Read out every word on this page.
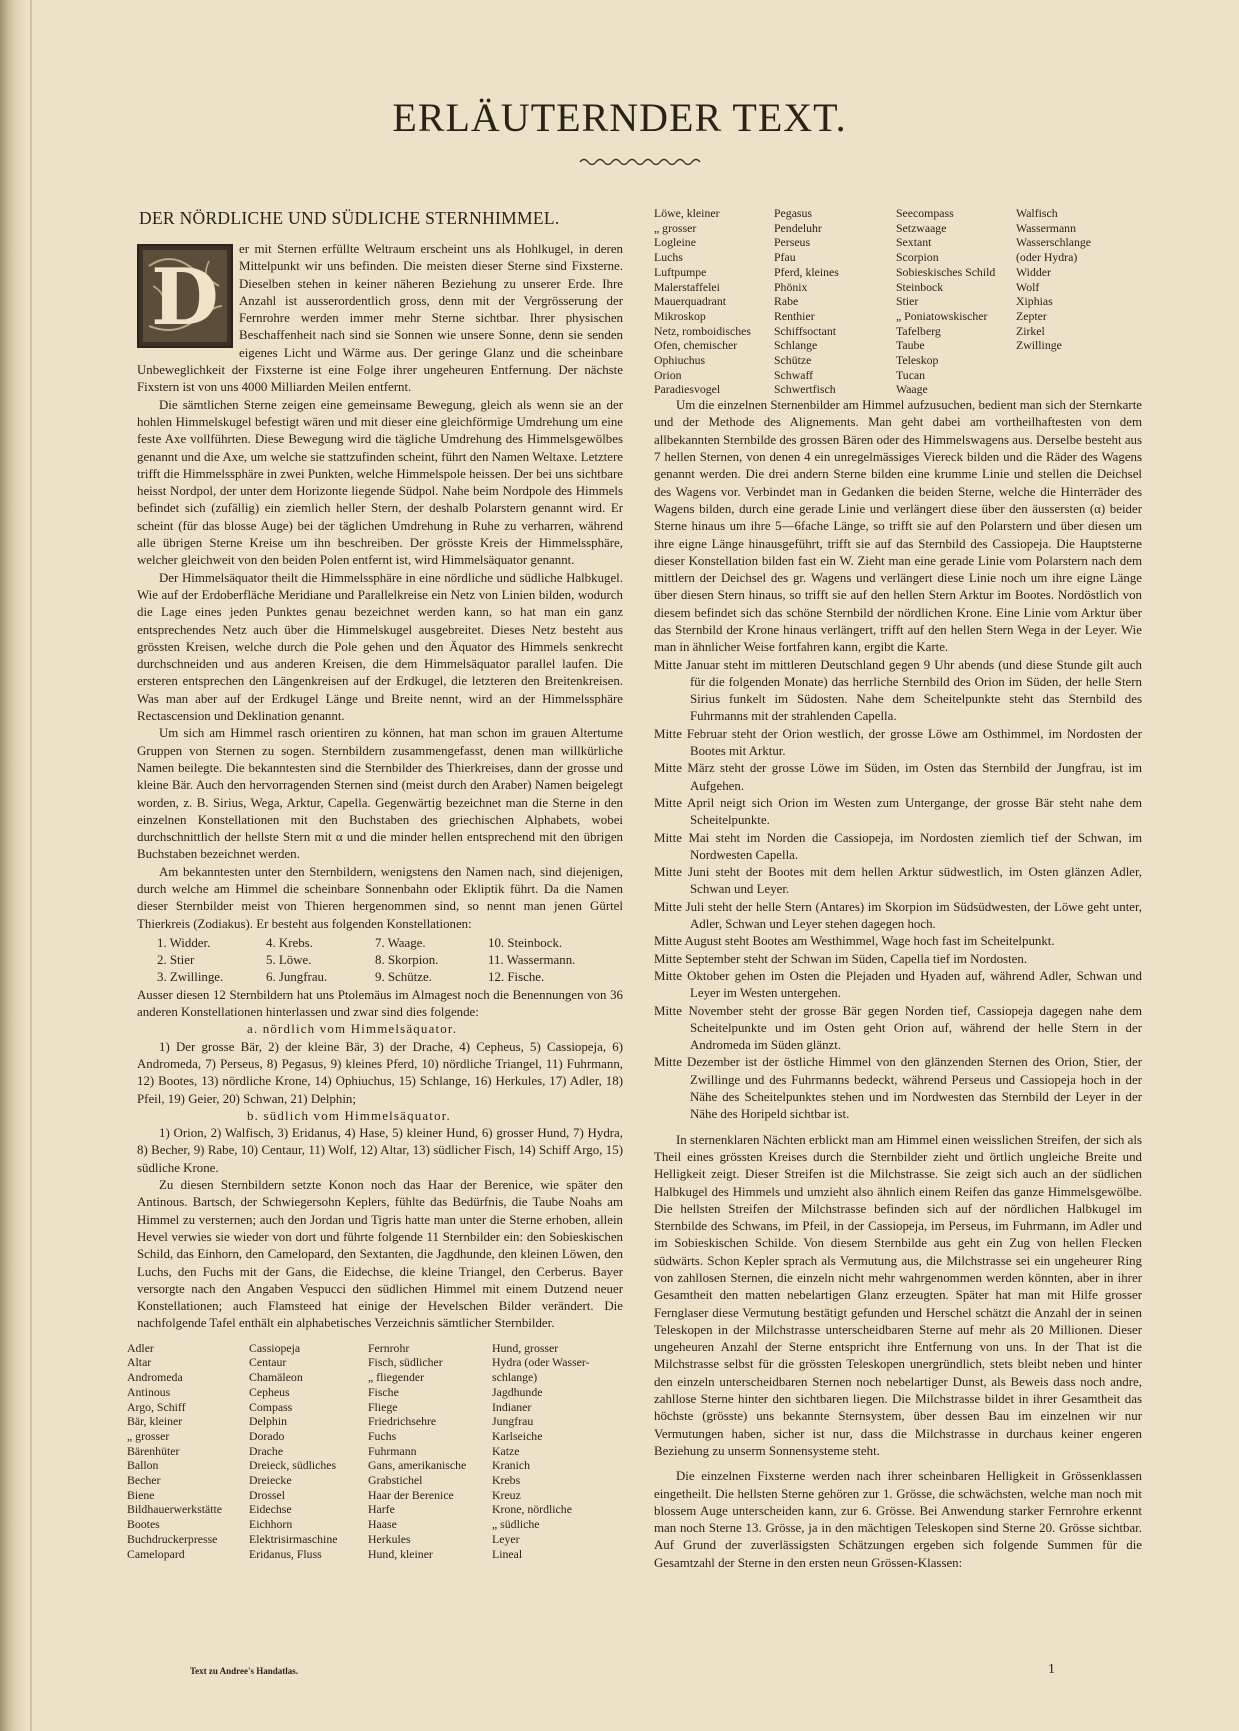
ERLÄUTERNDER TEXT.
DER NÖRDLICHE UND SÜDLICHE STERNHIMMEL.
D

er mit Sternen erfüllte Weltraum erscheint uns als Hohlkugel, in deren Mittelpunkt wir uns befinden. Die meisten dieser Sterne sind Fixsterne. Dieselben stehen in keiner näheren Beziehung zu unserer Erde. Ihre Anzahl ist ausserordentlich gross, denn mit der Vergrösserung der Fernrohre werden immer mehr Sterne sichtbar. Ihrer physischen Beschaffenheit nach sind sie Sonnen wie unsere Sonne, denn sie senden eigenes Licht und Wärme aus. Der geringe Glanz und die scheinbare Unbeweglichkeit der Fixsterne ist eine Folge ihrer ungeheuren Entfernung. Der nächste Fixstern ist von uns 4000 Milliarden Meilen entfernt.

Die sämtlichen Sterne zeigen eine gemeinsame Bewegung, gleich als wenn sie an der hohlen Himmelskugel befestigt wären und mit dieser eine gleichförmige Umdrehung um eine feste Axe vollführten. Diese Bewegung wird die tägliche Umdrehung des Himmelsgewölbes genannt und die Axe, um welche sie stattzufinden scheint, führt den Namen Weltaxe. Letztere trifft die Himmelssphäre in zwei Punkten, welche Himmelspole heissen. Der bei uns sichtbare heisst Nordpol, der unter dem Horizonte liegende Südpol. Nahe beim Nordpole des Himmels befindet sich (zufällig) ein ziemlich heller Stern, der deshalb Polarstern genannt wird. Er scheint (für das blosse Auge) bei der täglichen Umdrehung in Ruhe zu verharren, während alle übrigen Sterne Kreise um ihn beschreiben. Der grösste Kreis der Himmelssphäre, welcher gleichweit von den beiden Polen entfernt ist, wird Himmelsäquator genannt.

Der Himmelsäquator theilt die Himmelssphäre in eine nördliche und südliche Halbkugel. Wie auf der Erdoberfläche Meridiane und Parallelkreise ein Netz von Linien bilden, wodurch die Lage eines jeden Punktes genau bezeichnet werden kann, so hat man ein ganz entsprechendes Netz auch über die Himmelskugel ausgebreitet. Dieses Netz besteht aus grössten Kreisen, welche durch die Pole gehen und den Äquator des Himmels senkrecht durchschneiden und aus anderen Kreisen, die dem Himmelsäquator parallel laufen. Die ersteren entsprechen den Längenkreisen auf der Erdkugel, die letzteren den Breitenkreisen. Was man aber auf der Erdkugel Länge und Breite nennt, wird an der Himmelssphäre Rectascension und Deklination genannt.

Um sich am Himmel rasch orientiren zu können, hat man schon im grauen Altertume Gruppen von Sternen zu sogen. Sternbildern zusammengefasst, denen man willkürliche Namen beilegte. Die bekanntesten sind die Sternbilder des Thierkreises, dann der grosse und kleine Bär. Auch den hervorragenden Sternen sind (meist durch den Araber) Namen beigelegt worden, z. B. Sirius, Wega, Arktur, Capella. Gegenwärtig bezeichnet man die Sterne in den einzelnen Konstellationen mit den Buchstaben des griechischen Alphabets, wobei durchschnittlich der hellste Stern mit α und die minder hellen entsprechend mit den übrigen Buchstaben bezeichnet werden.

Am bekanntesten unter den Sternbildern, wenigstens den Namen nach, sind diejenigen, durch welche am Himmel die scheinbare Sonnenbahn oder Ekliptik führt. Da die Namen dieser Sternbilder meist von Thieren hergenommen sind, so nennt man jenen Gürtel Thierkreis (Zodiakus). Er besteht aus folgenden Konstellationen:

1. Widder.	4. Krebs.	7. Waage.	10. Steinbock.
2. Stier	5. Löwe.	8. Skorpion.	11. Wassermann.
3. Zwillinge.	6. Jungfrau.	9. Schütze.	12. Fische.

Ausser diesen 12 Sternbildern hat uns Ptolemäus im Almagest noch die Benennungen von 36 anderen Konstellationen hinterlassen und zwar sind dies folgende:

a. nördlich vom Himmelsäquator.

1) Der grosse Bär, 2) der kleine Bär, 3) der Drache, 4) Cepheus, 5) Cassiopeja, 6) Andromeda, 7) Perseus, 8) Pegasus, 9) kleines Pferd, 10) nördliche Triangel, 11) Fuhrmann, 12) Bootes, 13) nördliche Krone, 14) Ophiuchus, 15) Schlange, 16) Herkules, 17) Adler, 18) Pfeil, 19) Geier, 20) Schwan, 21) Delphin;

b. südlich vom Himmelsäquator.

1) Orion, 2) Walfisch, 3) Eridanus, 4) Hase, 5) kleiner Hund, 6) grosser Hund, 7) Hydra, 8) Becher, 9) Rabe, 10) Centaur, 11) Wolf, 12) Altar, 13) südlicher Fisch, 14) Schiff Argo, 15) südliche Krone.

Zu diesen Sternbildern setzte Konon noch das Haar der Berenice, wie später den Antinous. Bartsch, der Schwiegersohn Keplers, fühlte das Bedürfnis, die Taube Noahs am Himmel zu versternen; auch den Jordan und Tigris hatte man unter die Sterne erhoben, allein Hevel verwies sie wieder von dort und führte folgende 11 Sternbilder ein: den Sobieskischen Schild, das Einhorn, den Camelopard, den Sextanten, die Jagdhunde, den kleinen Löwen, den Luchs, den Fuchs mit der Gans, die Eidechse, die kleine Triangel, den Cerberus. Bayer versorgte nach den Angaben Vespucci den südlichen Himmel mit einem Dutzend neuer Konstellationen; auch Flamsteed hat einige der Hevelschen Bilder verändert. Die nachfolgende Tafel enthält ein alphabetisches Verzeichnis sämtlicher Sternbilder.

Adler	Cassiopeja	Fernrohr	Hund, grosser
Altar	Centaur	Fisch, südlicher	Hydra (oder Wasser-
Andromeda	Chamäleon	„ fliegender	schlange)
Antinous	Cepheus	Fische	Jagdhunde
Argo, Schiff	Compass	Fliege	Indianer
Bär, kleiner	Delphin	Friedrichsehre	Jungfrau
„ grosser	Dorado	Fuchs	Karlseiche
Bärenhüter	Drache	Fuhrmann	Katze
Ballon	Dreieck, südliches	Gans, amerikanische	Kranich
Becher	Dreiecke	Grabstichel	Krebs
Biene	Drossel	Haar der Berenice	Kreuz
Bildhauerwerkstätte	Eidechse	Harfe	Krone, nördliche
Bootes	Eichhorn	Haase	„ südliche
Buchdruckerpresse	Elektrisirmaschine	Herkules	Leyer
Camelopard	Eridanus, Fluss	Hund, kleiner	Lineal
Löwe, kleiner	Pegasus	Seecompass	Walfisch
„ grosser	Pendeluhr	Setzwaage	Wassermann
Logleine	Perseus	Sextant	Wasserschlange
Luchs	Pfau	Scorpion	(oder Hydra)
Luftpumpe	Pferd, kleines	Sobieskisches Schild	Widder
Malerstaffelei	Phönix	Steinbock	Wolf
Mauerquadrant	Rabe	Stier	Xiphias
Mikroskop	Renthier	„ Poniatowskischer	Zepter
Netz, romboidisches	Schiffsoctant	Tafelberg	Zirkel
Ofen, chemischer	Schlange	Taube	Zwillinge
Ophiuchus	Schütze	Teleskop
Orion	Schwaff	Tucan
Paradiesvogel	Schwertfisch	Waage

Um die einzelnen Sternenbilder am Himmel aufzusuchen, bedient man sich der Sternkarte und der Methode des Alignements. Man geht dabei am vortheilhaftesten von dem allbekannten Sternbilde des grossen Bären oder des Himmelswagens aus. Derselbe besteht aus 7 hellen Sternen, von denen 4 ein unregelmässiges Viereck bilden und die Räder des Wagens genannt werden. Die drei andern Sterne bilden eine krumme Linie und stellen die Deichsel des Wagens vor. Verbindet man in Gedanken die beiden Sterne, welche die Hinterräder des Wagens bilden, durch eine gerade Linie und verlängert diese über den äussersten (α) beider Sterne hinaus um ihre 5—6fache Länge, so trifft sie auf den Polarstern und über diesen um ihre eigne Länge hinausgeführt, trifft sie auf das Sternbild des Cassiopeja. Die Hauptsterne dieser Konstellation bilden fast ein W. Zieht man eine gerade Linie vom Polarstern nach dem mittlern der Deichsel des gr. Wagens und verlängert diese Linie noch um ihre eigne Länge über diesen Stern hinaus, so trifft sie auf den hellen Stern Arktur im Bootes. Nordöstlich von diesem befindet sich das schöne Sternbild der nördlichen Krone. Eine Linie vom Arktur über das Sternbild der Krone hinaus verlängert, trifft auf den hellen Stern Wega in der Leyer. Wie man in ähnlicher Weise fortfahren kann, ergibt die Karte.

Mitte Januar steht im mittleren Deutschland gegen 9 Uhr abends (und diese Stunde gilt auch für die folgenden Monate) das herrliche Sternbild des Orion im Süden, der helle Stern Sirius funkelt im Südosten. Nahe dem Scheitelpunkte steht das Sternbild des Fuhrmanns mit der strahlenden Capella.

Mitte Februar steht der Orion westlich, der grosse Löwe am Osthimmel, im Nordosten der Bootes mit Arktur.

Mitte März steht der grosse Löwe im Süden, im Osten das Sternbild der Jungfrau, ist im Aufgehen.

Mitte April neigt sich Orion im Westen zum Untergange, der grosse Bär steht nahe dem Scheitelpunkte.

Mitte Mai steht im Norden die Cassiopeja, im Nordosten ziemlich tief der Schwan, im Nordwesten Capella.

Mitte Juni steht der Bootes mit dem hellen Arktur südwestlich, im Osten glänzen Adler, Schwan und Leyer.

Mitte Juli steht der helle Stern (Antares) im Skorpion im Südsüdwesten, der Löwe geht unter, Adler, Schwan und Leyer stehen dagegen hoch.

Mitte August steht Bootes am Westhimmel, Wage hoch fast im Scheitelpunkt.

Mitte September steht der Schwan im Süden, Capella tief im Nordosten.

Mitte Oktober gehen im Osten die Plejaden und Hyaden auf, während Adler, Schwan und Leyer im Westen untergehen.

Mitte November steht der grosse Bär gegen Norden tief, Cassiopeja dagegen nahe dem Scheitelpunkte und im Osten geht Orion auf, während der helle Stern in der Andromeda im Süden glänzt.

Mitte Dezember ist der östliche Himmel von den glänzenden Sternen des Orion, Stier, der Zwillinge und des Fuhrmanns bedeckt, während Perseus und Cassiopeja hoch in der Nähe des Scheitelpunktes stehen und im Nordwesten das Sternbild der Leyer in der Nähe des Horipeld sichtbar ist.

In sternenklaren Nächten erblickt man am Himmel einen weisslichen Streifen, der sich als Theil eines grössten Kreises durch die Sternbilder zieht und örtlich ungleiche Breite und Helligkeit zeigt. Dieser Streifen ist die Milchstrasse. Sie zeigt sich auch an der südlichen Halbkugel des Himmels und umzieht also ähnlich einem Reifen das ganze Himmelsgewölbe. Die hellsten Streifen der Milchstrasse befinden sich auf der nördlichen Halbkugel im Sternbilde des Schwans, im Pfeil, in der Cassiopeja, im Perseus, im Fuhrmann, im Adler und im Sobieskischen Schilde. Von diesem Sternbilde aus geht ein Zug von hellen Flecken südwärts. Schon Kepler sprach als Vermutung aus, die Milchstrasse sei ein ungeheurer Ring von zahllosen Sternen, die einzeln nicht mehr wahrgenommen werden könnten, aber in ihrer Gesamtheit den matten nebelartigen Glanz erzeugten. Später hat man mit Hilfe grosser Fernglaser diese Vermutung bestätigt gefunden und Herschel schätzt die Anzahl der in seinen Teleskopen in der Milchstrasse unterscheidbaren Sterne auf mehr als 20 Millionen. Dieser ungeheuren Anzahl der Sterne entspricht ihre Entfernung von uns. In der That ist die Milchstrasse selbst für die grössten Teleskopen unergründlich, stets bleibt neben und hinter den einzeln unterscheidbaren Sternen noch nebelartiger Dunst, als Beweis dass noch andre, zahllose Sterne hinter den sichtbaren liegen. Die Milchstrasse bildet in ihrer Gesamtheit das höchste (grösste) uns bekannte Sternsystem, über dessen Bau im einzelnen wir nur Vermutungen haben, sicher ist nur, dass die Milchstrasse in durchaus keiner engeren Beziehung zu unserm Sonnensysteme steht.

Die einzelnen Fixsterne werden nach ihrer scheinbaren Helligkeit in Grössenklassen eingetheilt. Die hellsten Sterne gehören zur 1. Grösse, die schwächsten, welche man noch mit blossem Auge unterscheiden kann, zur 6. Grösse. Bei Anwendung starker Fernrohre erkennt man noch Sterne 13. Grösse, ja in den mächtigen Teleskopen sind Sterne 20. Grösse sichtbar. Auf Grund der zuverlässigsten Schätzungen ergeben sich folgende Summen für die Gesamtzahl der Sterne in den ersten neun Grössen-Klassen:

Text zu Andree's Handatlas.	1
